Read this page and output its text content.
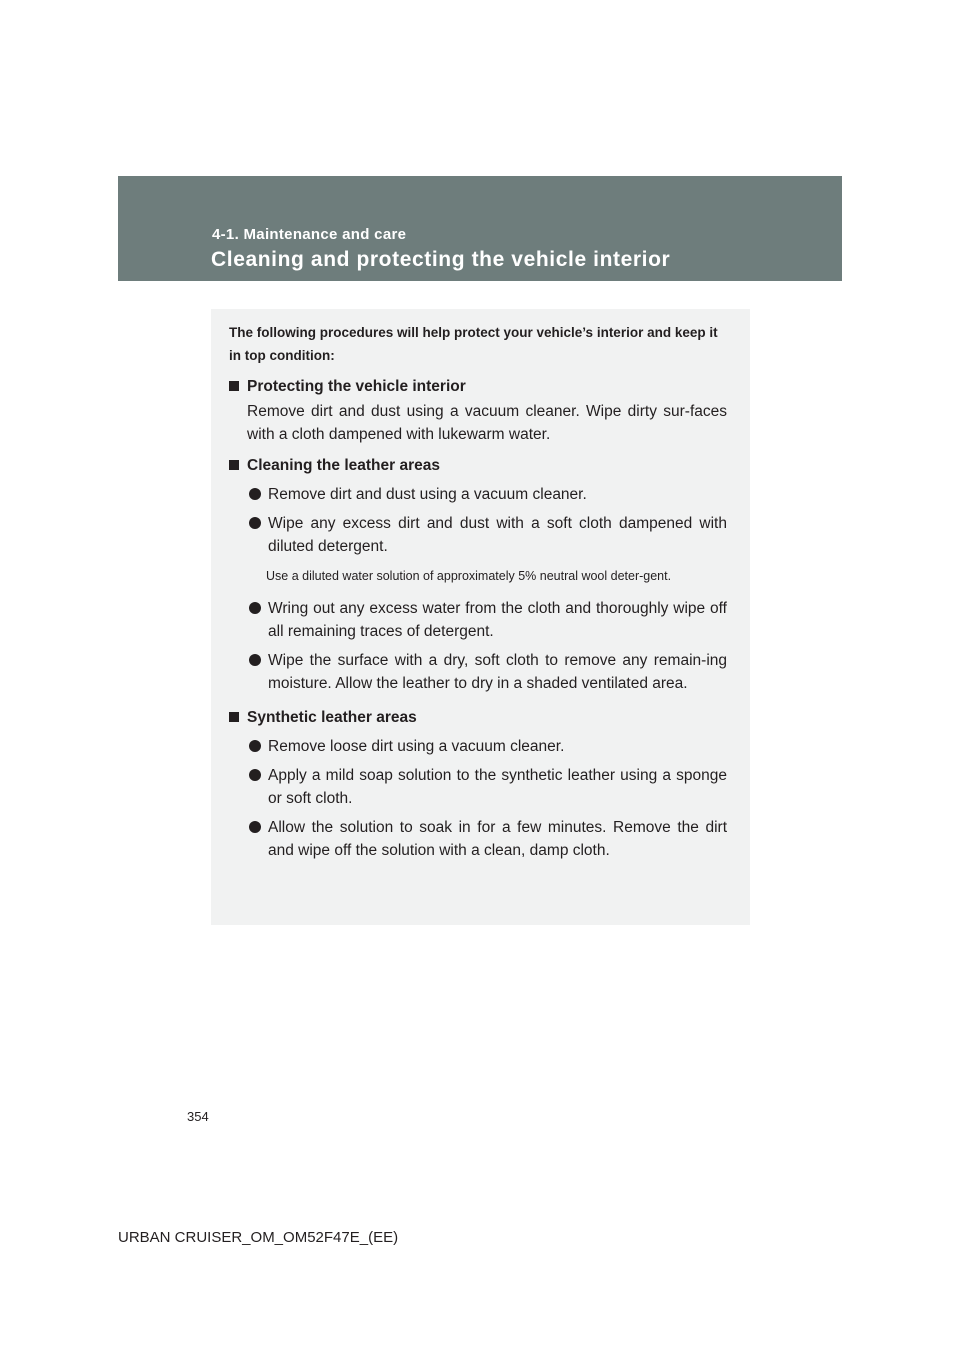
4-1. Maintenance and care
Cleaning and protecting the vehicle interior

The following procedures will help protect your vehicle’s interior and keep it in top condition:

Protecting the vehicle interior

Remove dirt and dust using a vacuum cleaner. Wipe dirty sur-faces with a cloth dampened with lukewarm water.

Cleaning the leather areas
Remove dirt and dust using a vacuum cleaner.
Wipe any excess dirt and dust with a soft cloth dampened with diluted detergent.

Use a diluted water solution of approximately 5% neutral wool deter-gent.

Wring out any excess water from the cloth and thoroughly wipe off all remaining traces of detergent.
Wipe the surface with a dry, soft cloth to remove any remain-ing moisture. Allow the leather to dry in a shaded ventilated area.
Synthetic leather areas
Remove loose dirt using a vacuum cleaner.
Apply a mild soap solution to the synthetic leather using a sponge or soft cloth.
Allow the solution to soak in for a few minutes. Remove the dirt and wipe off the solution with a clean, damp cloth.
354
URBAN CRUISER_OM_OM52F47E_(EE)
